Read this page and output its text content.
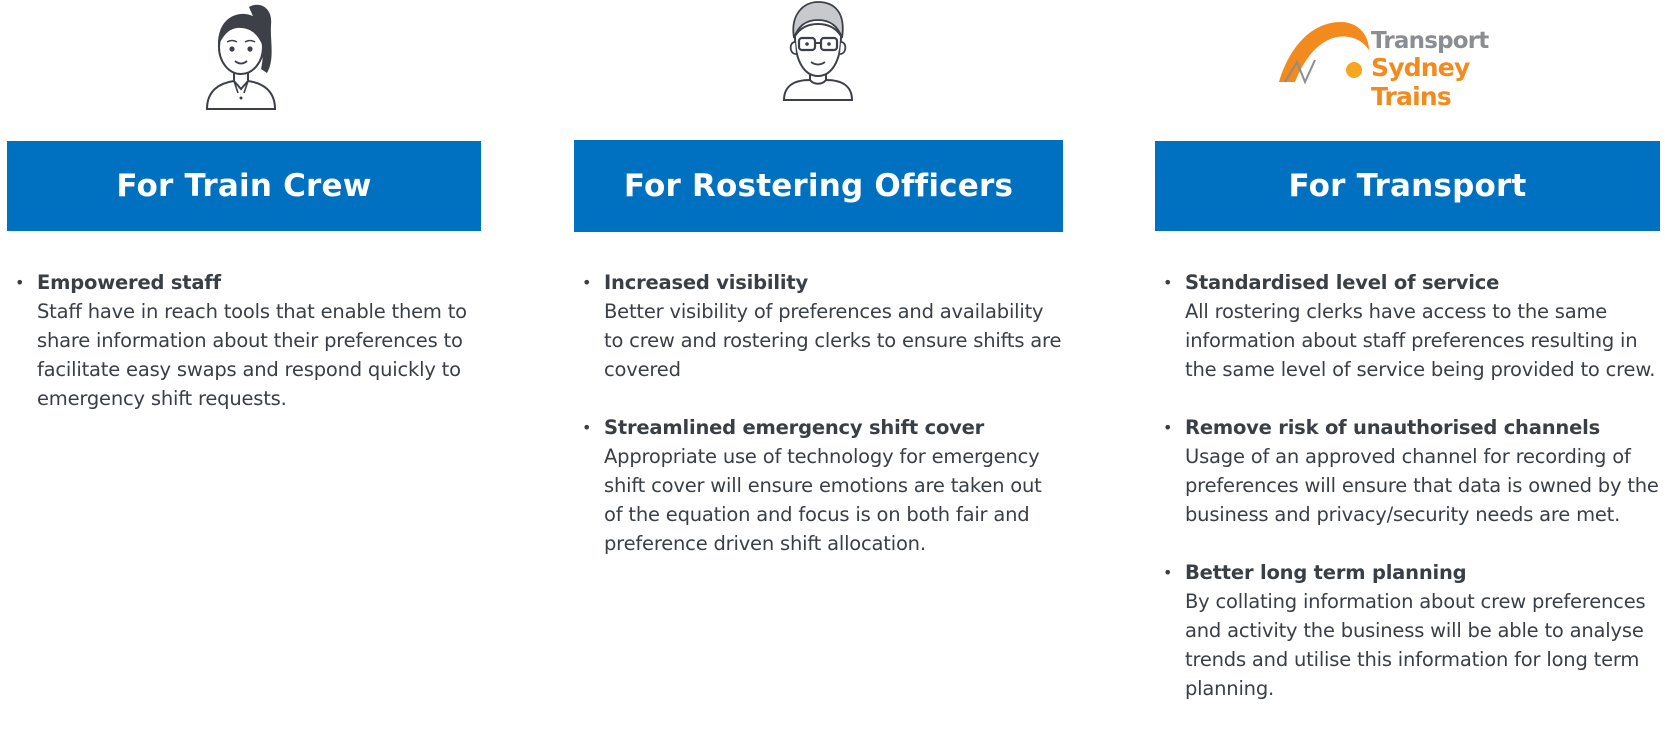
For Train Crew
• Empowered staff
Staff have in reach tools that enable them to share information about their preferences to facilitate easy swaps and respond quickly to emergency shift requests.
For Rostering Officers
• Increased visibility
Better visibility of preferences and availability to crew and rostering clerks to ensure shifts are covered
• Streamlined emergency shift cover
Appropriate use of technology for emergency shift cover will ensure emotions are taken out of the equation and focus is on both fair and preference driven shift allocation.
Transport
Sydney Trains
For Transport
• Standardised level of service
All rostering clerks have access to the same information about staff preferences resulting in the same level of service being provided to crew.
• Remove risk of unauthorised channels
Usage of an approved channel for recording of preferences will ensure that data is owned by the business and privacy/security needs are met.
• Better long term planning
By collating information about crew preferences and activity the business will be able to analyse trends and utilise this information for long term planning.
